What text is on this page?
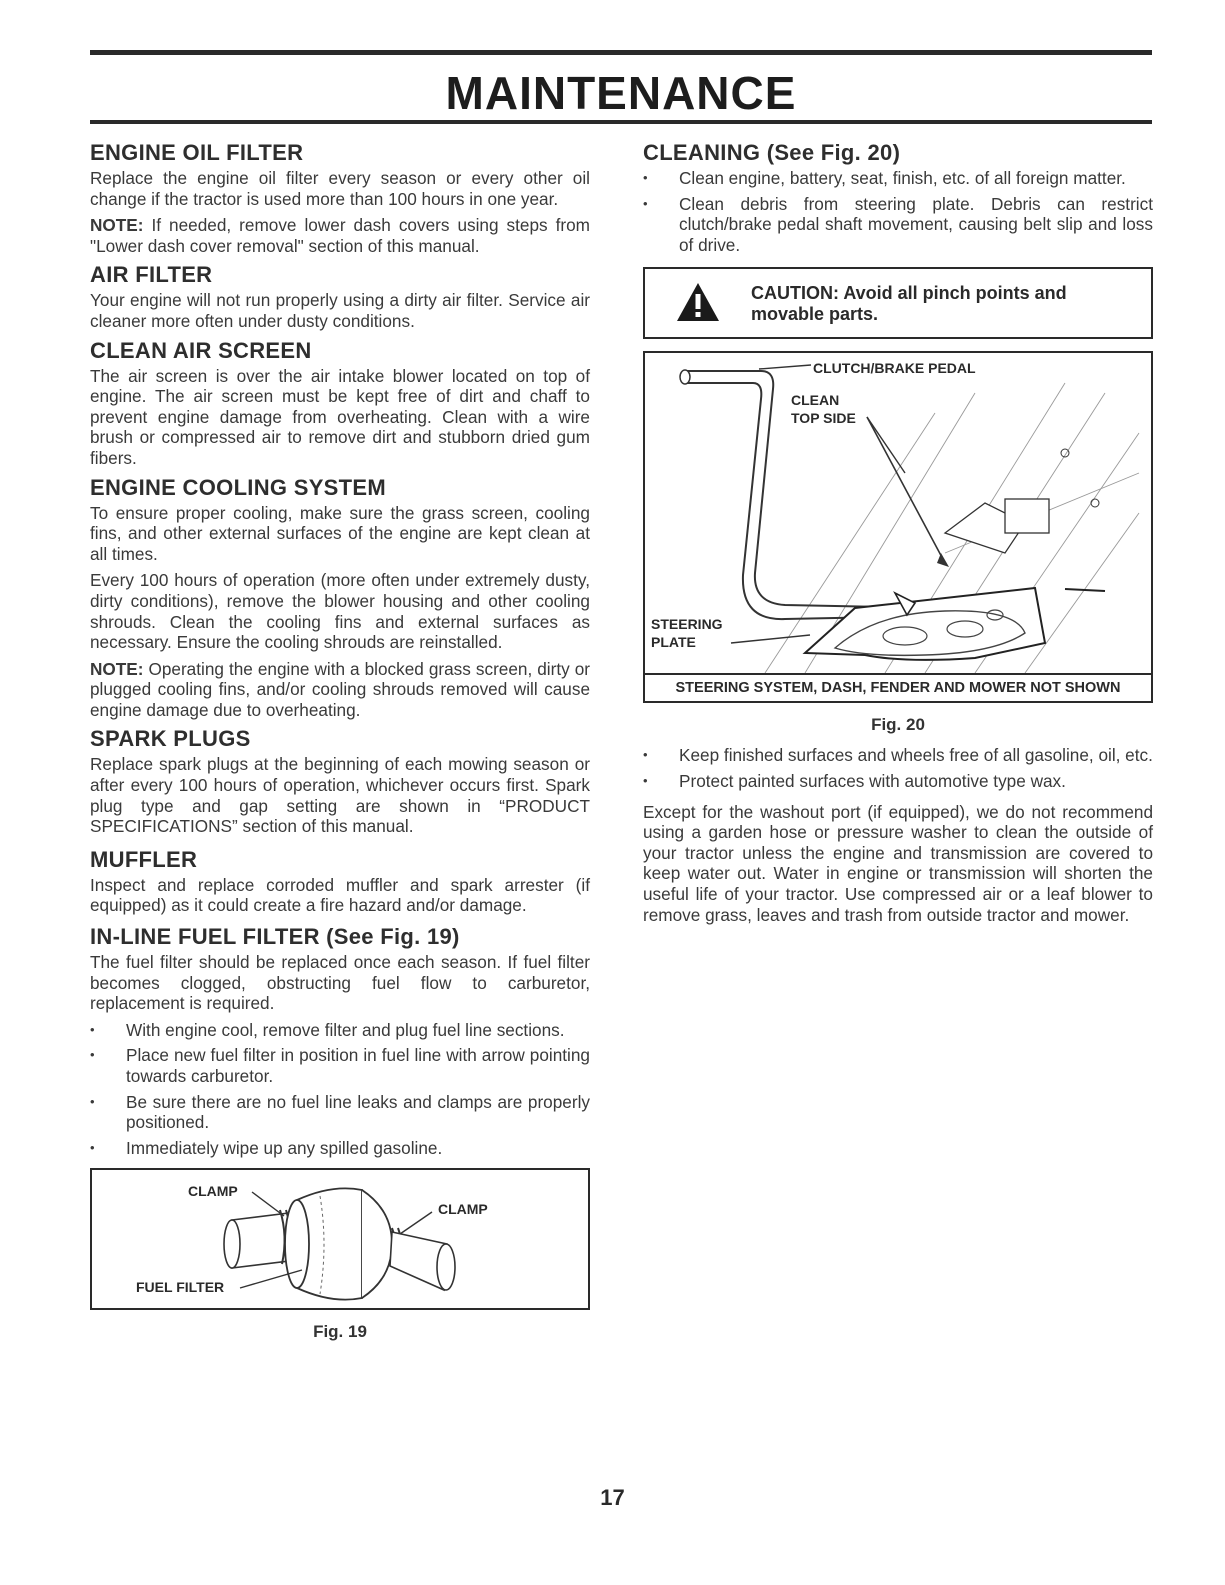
MAINTENANCE
ENGINE OIL FILTER

Replace the engine oil filter every season or every other oil change if the tractor is used more than 100 hours in one year.

NOTE: If needed, remove lower dash covers using steps from "Lower dash cover removal" section of this manual.

AIR FILTER

Your engine will not run properly using a dirty air filter. Service air cleaner more often under dusty conditions.

CLEAN AIR SCREEN

The air screen is over the air intake blower located on top of engine. The air screen must be kept free of dirt and chaff to prevent engine damage from overheating. Clean with a wire brush or compressed air to remove dirt and stubborn dried gum fibers.

ENGINE COOLING SYSTEM

To ensure proper cooling, make sure the grass screen, cooling fins, and other external surfaces of the engine are kept clean at all times.

Every 100 hours of operation (more often under extremely dusty, dirty conditions), remove the blower housing and other cooling shrouds. Clean the cooling fins and external surfaces as necessary. Ensure the cooling shrouds are reinstalled.

NOTE: Operating the engine with a blocked grass screen, dirty or plugged cooling fins, and/or cooling shrouds removed will cause engine damage due to overheating.

SPARK PLUGS

Replace spark plugs at the beginning of each mowing season or after every 100 hours of operation, whichever occurs first. Spark plug type and gap setting are shown in “PRODUCT SPECIFICATIONS” section of this manual.

MUFFLER

Inspect and replace corroded muffler and spark arrester (if equipped) as it could create a fire hazard and/or damage.

IN-LINE FUEL FILTER (See Fig. 19)

The fuel filter should be replaced once each season. If fuel filter becomes clogged, obstructing fuel flow to carburetor, replacement is required.

• With engine cool, remove filter and plug fuel line sections.
• Place new fuel filter in position in fuel line with arrow pointing towards carburetor.
• Be sure there are no fuel line leaks and clamps are properly positioned.
• Immediately wipe up any spilled gasoline.
CLAMP
CLAMP
FUEL FILTER
Fig. 19
CLEANING (See Fig. 20)
• Clean engine, battery, seat, finish, etc. of all foreign matter.
• Clean debris from steering plate. Debris can restrict clutch/brake pedal shaft movement, causing belt slip and loss of drive.
CAUTION: Avoid all pinch points and
movable parts.
CLUTCH/BRAKE PEDAL
CLEAN
TOP SIDE
STEERING
PLATE
STEERING SYSTEM, DASH, FENDER AND MOWER NOT SHOWN
Fig. 20
• Keep finished surfaces and wheels free of all gasoline, oil, etc.
• Protect painted surfaces with automotive type wax.

Except for the washout port (if equipped), we do not recommend using a garden hose or pressure washer to clean the outside of your tractor unless the engine and transmission are covered to keep water out. Water in engine or transmission will shorten the useful life of your tractor. Use compressed air or a leaf blower to remove grass, leaves and trash from outside tractor and mower.

17
